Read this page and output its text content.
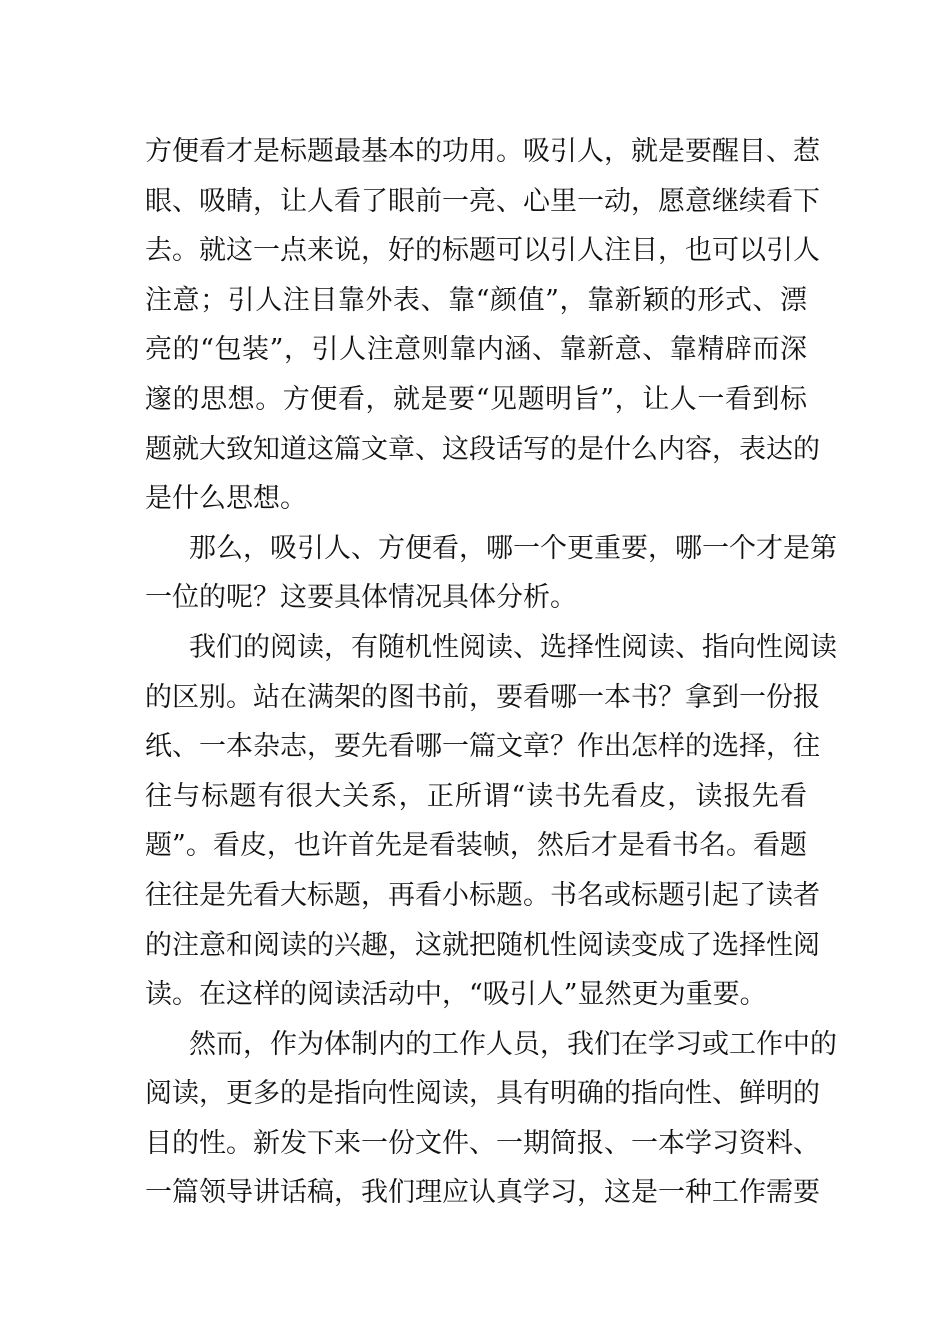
方便看才是标题最基本的功用。吸引人，就是要醒目、惹
眼、吸睛，让人看了眼前一亮、心里一动，愿意继续看下
去。就这一点来说，好的标题可以引人注目，也可以引人
注意；引人注目靠外表、靠“颜值”，靠新颖的形式、漂
亮的“包装”，引人注意则靠内涵、靠新意、靠精辟而深
邃的思想。方便看，就是要“见题明旨”，让人一看到标
题就大致知道这篇文章、这段话写的是什么内容，表达的
是什么思想。
那么，吸引人、方便看，哪一个更重要，哪一个才是第
一位的呢？这要具体情况具体分析。
我们的阅读，有随机性阅读、选择性阅读、指向性阅读
的区别。站在满架的图书前，要看哪一本书？拿到一份报
纸、一本杂志，要先看哪一篇文章？作出怎样的选择，往
往与标题有很大关系，正所谓“读书先看皮，读报先看
题”。看皮，也许首先是看装帧，然后才是看书名。看题
往往是先看大标题，再看小标题。书名或标题引起了读者
的注意和阅读的兴趣，这就把随机性阅读变成了选择性阅
读。在这样的阅读活动中，“吸引人”显然更为重要。
然而，作为体制内的工作人员，我们在学习或工作中的
阅读，更多的是指向性阅读，具有明确的指向性、鲜明的
目的性。新发下来一份文件、一期简报、一本学习资料、
一篇领导讲话稿，我们理应认真学习，这是一种工作需要
